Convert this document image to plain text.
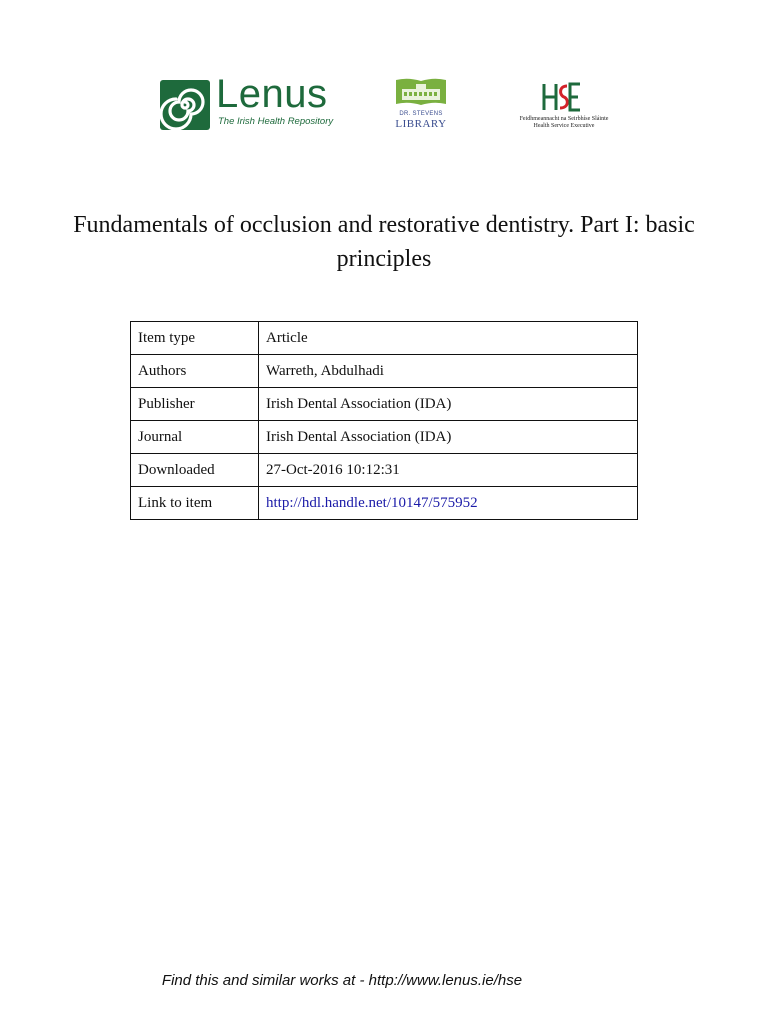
Lenus
The Irish Health Repository
DR. STEVENS
LIBRARY	Feidhmeannacht na Seirbhíse Sláinte
Health Service Executive
Fundamentals of occlusion and restorative dentistry. Part I: basic principles
Item type	Article
Authors	Warreth, Abdulhadi
Publisher	Irish Dental Association (IDA)
Journal	Irish Dental Association (IDA)
Downloaded	27-Oct-2016 10:12:31
Link to item	http://hdl.handle.net/10147/575952
Find this and similar works at - http://www.lenus.ie/hse
